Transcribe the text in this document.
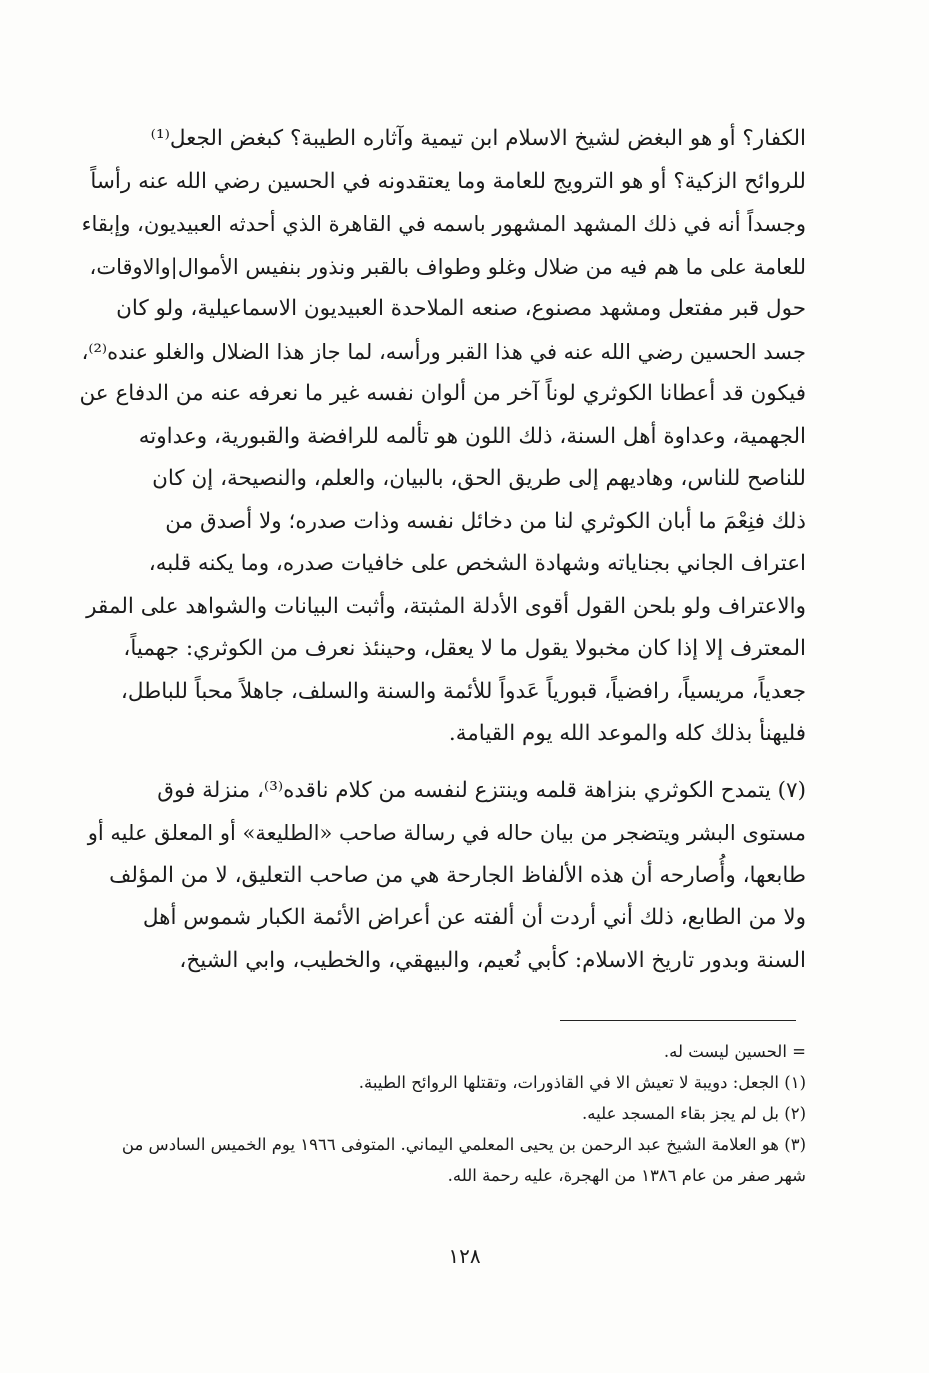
الكفار؟ أو هو البغض لشيخ الاسلام ابن تيمية وآثاره الطيبة؟ كبغض الجعل⁽¹⁾
للروائح الزكية؟ أو هو الترويج للعامة وما يعتقدونه في الحسين رضي الله عنه رأساً
وجسداً أنه في ذلك المشهد المشهور باسمه في القاهرة الذي أحدثه العبيديون، وإبقاء
للعامة على ما هم فيه من ضلال وغلو وطواف بالقبر ونذور بنفيس الأموال|والاوقات،
حول قبر مفتعل ومشهد مصنوع، صنعه الملاحدة العبيديون الاسماعيلية، ولو كان
جسد الحسين رضي الله عنه في هذا القبر ورأسه، لما جاز هذا الضلال والغلو عنده⁽²⁾،
فيكون قد أعطانا الكوثري لوناً آخر من ألوان نفسه غير ما نعرفه عنه من الدفاع عن
الجهمية، وعداوة أهل السنة، ذلك اللون هو تألمه للرافضة والقبورية، وعداوته
للناصح للناس، وهاديهم إلى طريق الحق، بالبيان، والعلم، والنصيحة، إن كان
ذلك فنِعْمَ ما أبان الكوثري لنا من دخائل نفسه وذات صدره؛ ولا أصدق من
اعتراف الجاني بجناياته وشهادة الشخص على خافيات صدره، وما يكنه قلبه،
والاعتراف ولو بلحن القول أقوى الأدلة المثبتة، وأثبت البيانات والشواهد على المقر
المعترف إلا إذا كان مخبولا يقول ما لا يعقل، وحينئذ نعرف من الكوثري: جهمياً،
جعدياً، مريسياً، رافضياً، قبورياً عَدواً للأئمة والسنة والسلف، جاهلاً محباً للباطل،
فليهنأ بذلك كله والموعد الله يوم القيامة.
(٧) يتمدح الكوثري بنزاهة قلمه وينتزع لنفسه من كلام ناقده⁽³⁾، منزلة فوق
مستوى البشر ويتضجر من بيان حاله في رسالة صاحب «الطليعة» أو المعلق عليه أو
طابعها، وأُصارحه أن هذه الألفاظ الجارحة هي من صاحب التعليق، لا من المؤلف
ولا من الطابع، ذلك أني أردت أن ألفته عن أعراض الأئمة الكبار شموس أهل
السنة وبدور تاريخ الاسلام: كأبي نُعيم، والبيهقي، والخطيب، وابي الشيخ،
= الحسين ليست له.
(١) الجعل: دويبة لا تعيش الا في القاذورات، وتقتلها الروائح الطيبة.
(٢) بل لم يجز بقاء المسجد عليه.
(٣) هو العلامة الشيخ عبد الرحمن بن يحيى المعلمي اليماني. المتوفى ١٩٦٦ يوم الخميس السادس من
شهر صفر من عام ١٣٨٦ من الهجرة، عليه رحمة الله.
١٢٨
